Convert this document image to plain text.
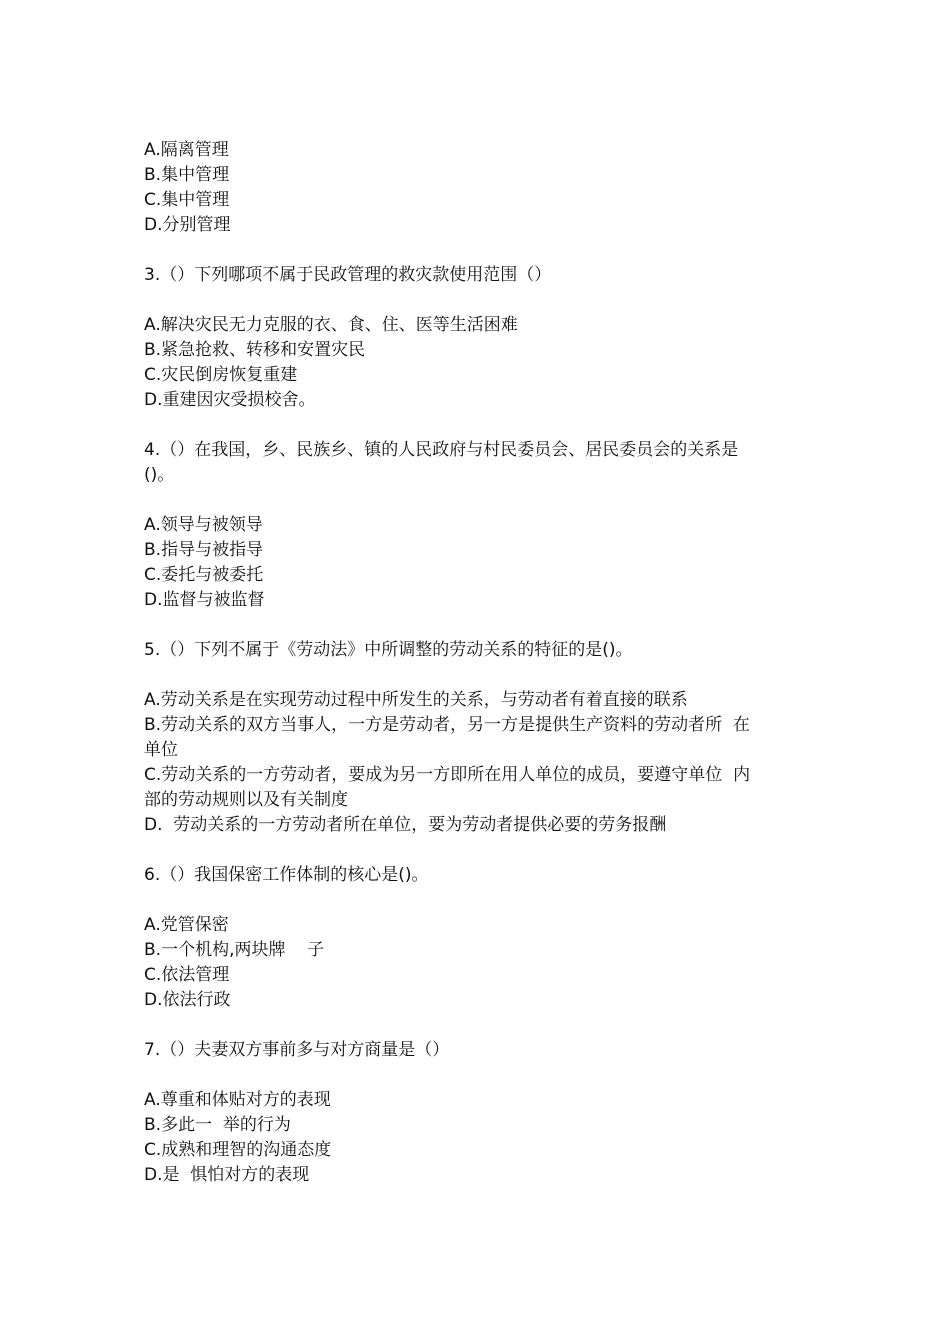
A.隔离管理
B.集中管理
C.集中管理
D.分别管理
3.（）下列哪项不属于民政管理的救灾款使用范围（）
A.解决灾民无力克服的衣、食、住、医等生活困难
B.紧急抢救、转移和安置灾民
C.灾民倒房恢复重建
D.重建因灾受损校舍。
4.（）在我国，乡、民族乡、镇的人民政府与村民委员会、居民委员会的关系是
()。
A.领导与被领导
B.指导与被指导
C.委托与被委托
D.监督与被监督
5.（）下列不属于《劳动法》中所调整的劳动关系的特征的是()。
A.劳动关系是在实现劳动过程中所发生的关系，与劳动者有着直接的联系
B.劳动关系的双方当事人，一方是劳动者，另一方是提供生产资料的劳动者所  在
单位
C.劳动关系的一方劳动者，要成为另一方即所在用人单位的成员，要遵守单位  内
部的劳动规则以及有关制度
D.  劳动关系的一方劳动者所在单位，要为劳动者提供必要的劳务报酬
6.（）我国保密工作体制的核心是()。
A.党管保密
B.一个机构,两块牌    子
C.依法管理
D.依法行政
7.（）夫妻双方事前多与对方商量是（）
A.尊重和体贴对方的表现
B.多此一  举的行为
C.成熟和理智的沟通态度
D.是  惧怕对方的表现
